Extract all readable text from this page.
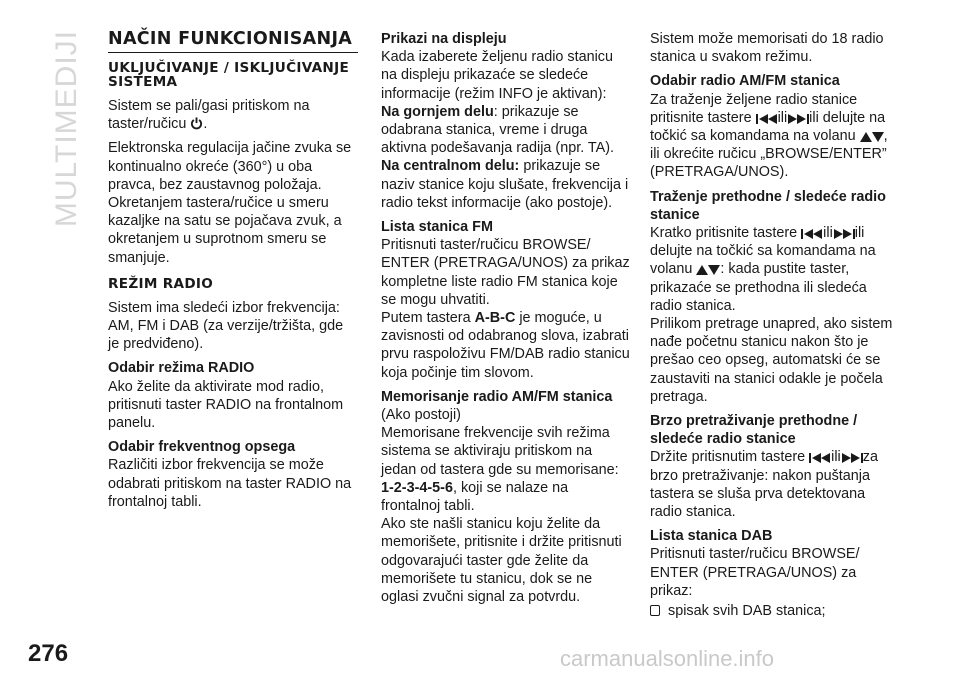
MULTIMEDIJI
276	carmanualsonline.info
NAČIN FUNKCIONISANJA
UKLJUČIVANJE / ISKLJUČIVANJE SISTEMA

Sistem se pali/gasi pritiskom na taster/ručicu .

Elektronska regulacija jačine zvuka se kontinualno okreće (360°) u oba pravca, bez zaustavnog položaja. Okretanjem tastera/ručice u smeru kazaljke na satu se pojačava zvuk, a okretanjem u suprotnom smeru se smanjuje.

REŽIM RADIO

Sistem ima sledeći izbor frekvencija: AM, FM i DAB (za verzije/tržišta, gde je predviđeno).

Odabir režima RADIO

Ako želite da aktivirate mod radio, pritisnuti taster RADIO na frontalnom panelu.

Odabir frekventnog opsega

Različiti izbor frekvencija se može odabrati pritiskom na taster RADIO na frontalnoj tabli.

Prikazi na displeju

Kada izaberete željenu radio stanicu na displeju prikazaće se sledeće informacije (režim INFO je aktivan):

Na gornjem delu: prikazuje se odabrana stanica, vreme i druga aktivna podešavanja radija (npr. TA).

Na centralnom delu: prikazuje se naziv stanice koju slušate, frekvencija i radio tekst informacije (ako postoje).

Lista stanica FM

Pritisnuti taster/ručicu BROWSE/ ENTER (PRETRAGA/UNOS) za prikaz kompletne liste radio FM stanica koje se mogu uhvatiti.

Putem tastera A-B-C je moguće, u zavisnosti od odabranog slova, izabrati prvu raspoloživu FM/DAB radio stanicu koja počinje tim slovom.

Memorisanje radio AM/FM stanica

(Ako postoji)

Memorisane frekvencije svih režima sistema se aktiviraju pritiskom na jedan od tastera gde su memorisane:

1-2-3-4-5-6, koji se nalaze na frontalnoj tabli.

Ako ste našli stanicu koju želite da memorišete, pritisnite i držite pritisnuti odgovarajući taster gde želite da memorišete tu stanicu, dok se ne oglasi zvučni signal za potvrdu.

Sistem može memorisati do 18 radio stanica u svakom režimu.

Odabir radio AM/FM stanica

Za traženje željene radio stanice pritisnite tastere ili ili delujte na točkić sa komandama na volanu , ili okrećite ručicu „BROWSE/ENTER” (PRETRAGA/UNOS).

Traženje prethodne / sledeće radio stanice

Kratko pritisnite tastere ili ili delujte na točkić sa komandama na volanu : kada pustite taster, prikazaće se prethodna ili sledeća radio stanica.

Prilikom pretrage unapred, ako sistem nađe početnu stanicu nakon što je prešao ceo opseg, automatski će se zaustaviti na stanici odakle je počela pretraga.

Brzo pretraživanje prethodne / sledeće radio stanice

Držite pritisnutim tastere ili za brzo pretraživanje: nakon puštanja tastera se sluša prva detektovana radio stanica.

Lista stanica DAB

Pritisnuti taster/ručicu BROWSE/ ENTER (PRETRAGA/UNOS) za prikaz:

spisak svih DAB stanica;
